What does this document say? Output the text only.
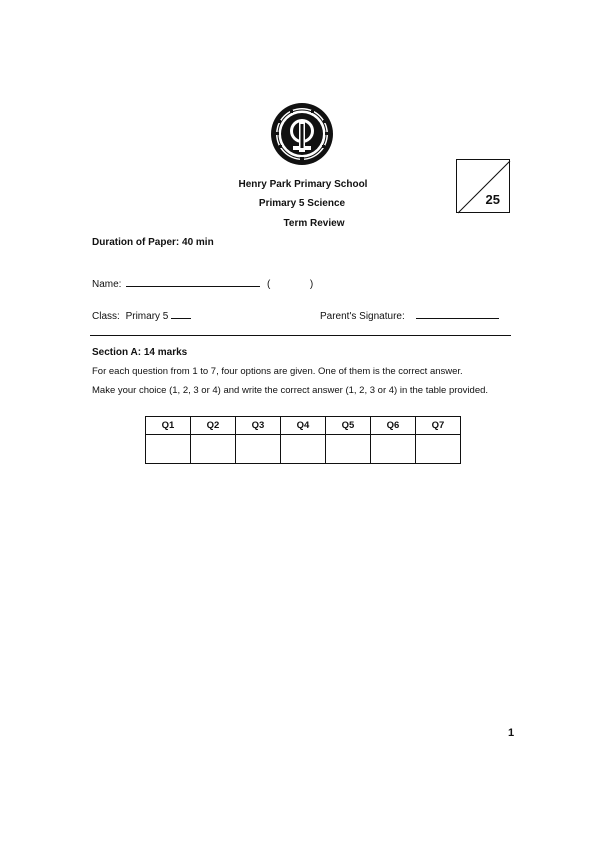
Henry Park Primary School
Primary 5 Science
Term Review
25
Duration of Paper: 40 min
Name:	(	)
Class: Primary 5	Parent's Signature:
Section A: 14 marks
For each question from 1 to 7, four options are given. One of them is the correct answer.
Make your choice (1, 2, 3 or 4) and write the correct answer (1, 2, 3 or 4) in the table provided.
Q1	Q2	Q3	Q4	Q5	Q6	Q7

1
